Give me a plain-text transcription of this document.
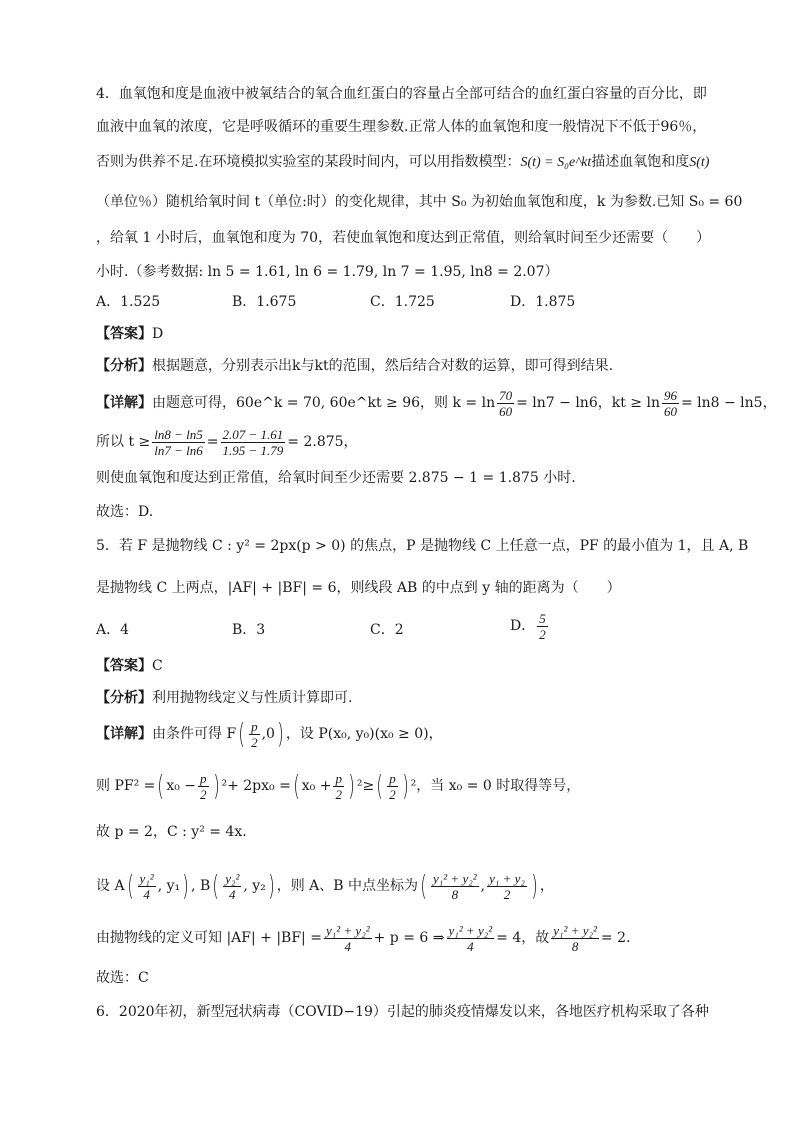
4．血氧饱和度是血液中被氧结合的氧合血红蛋白的容量占全部可结合的血红蛋白容量的百分比，即
血液中血氧的浓度，它是呼吸循环的重要生理参数.正常人体的血氧饱和度一般情况下不低于96％，
否则为供养不足.在环境模拟实验室的某段时间内，可以用指数模型：S(t) = S₀e^kt描述血氧饱和度S(t)
（单位％）随机给氧时间 t（单位:时）的变化规律，其中 S₀ 为初始血氧饱和度，k 为参数.已知 S₀ = 60
，给氧 1 小时后，血氧饱和度为 70，若使血氧饱和度达到正常值，则给氧时间至少还需要（　　）
小时.（参考数据: ln 5 = 1.61, ln 6 = 1.79, ln 7 = 1.95, ln8 = 2.07）
A．1.525	B．1.675	C．1.725	D．1.875
【答案】D
【分析】根据题意，分别表示出k与kt的范围，然后结合对数的运算，即可得到结果.
【详解】由题意可得，60e^k = 70, 60e^kt ≥ 96，则 $k = \ln \frac{70}{60} = \ln 7 - \ln 6$，kt ≥ $\ln \frac{96}{60} = \ln 8 - \ln 5$，
所以 $t \ge \frac{\ln 8 - \ln 5}{\ln 7 - \ln 6} = \frac{2.07 - 1.61}{1.95 - 1.79} = 2.875$，
则使血氧饱和度达到正常值，给氧时间至少还需要 2.875 − 1 = 1.875 小时.
故选：D.
5．若 F 是抛物线 C : y² = 2px(p > 0) 的焦点，P 是抛物线 C 上任意一点，PF 的最小值为 1，且 A, B
是抛物线 C 上两点，|AF| + |BF| = 6，则线段 AB 的中点到 y 轴的距离为（　　）
A．4	B．3	C．2	D． $\frac{5}{2}$
【答案】C
【分析】利用抛物线定义与性质计算即可.
【详解】由条件可得 $F( \frac{p}{2} ,0)$ ，设 P(x₀, y₀)(x₀ ≥ 0)，
则 PF² =( $x_0 - \frac{p}{2}$ ) ²+ 2px₀ =( $x_0 + \frac{p}{2}$ ) $^2\ge( \frac{p}{2}$ ) ²，当 x₀ = 0 时取得等号，
故 p = 2，C : y² = 4x.
设 $A( \frac{\text{y₁²}}{4}$ , y₁) , $B( \frac{\text{y₂²}}{4}$ , y₂) ，则 A、B 中点坐标为( $\frac{\text{y₁² + y₂²}}{8}$ , $\frac{\text{y₁ + y₂}}{2}$ ) ，
由抛物线的定义可知 $|AF| + |BF| = \frac{\text{y₁² + y₂²}}{4} + p = 6$ ⇒ $\frac{\text{y₁² + y₂²}}{4} = 4$，故 $\frac{\text{y₁² + y₂²}}{8} = 2$.
故选：C
6．2020年初，新型冠状病毒（COVID−19）引起的肺炎疫情爆发以来，各地医疗机构采取了各种
